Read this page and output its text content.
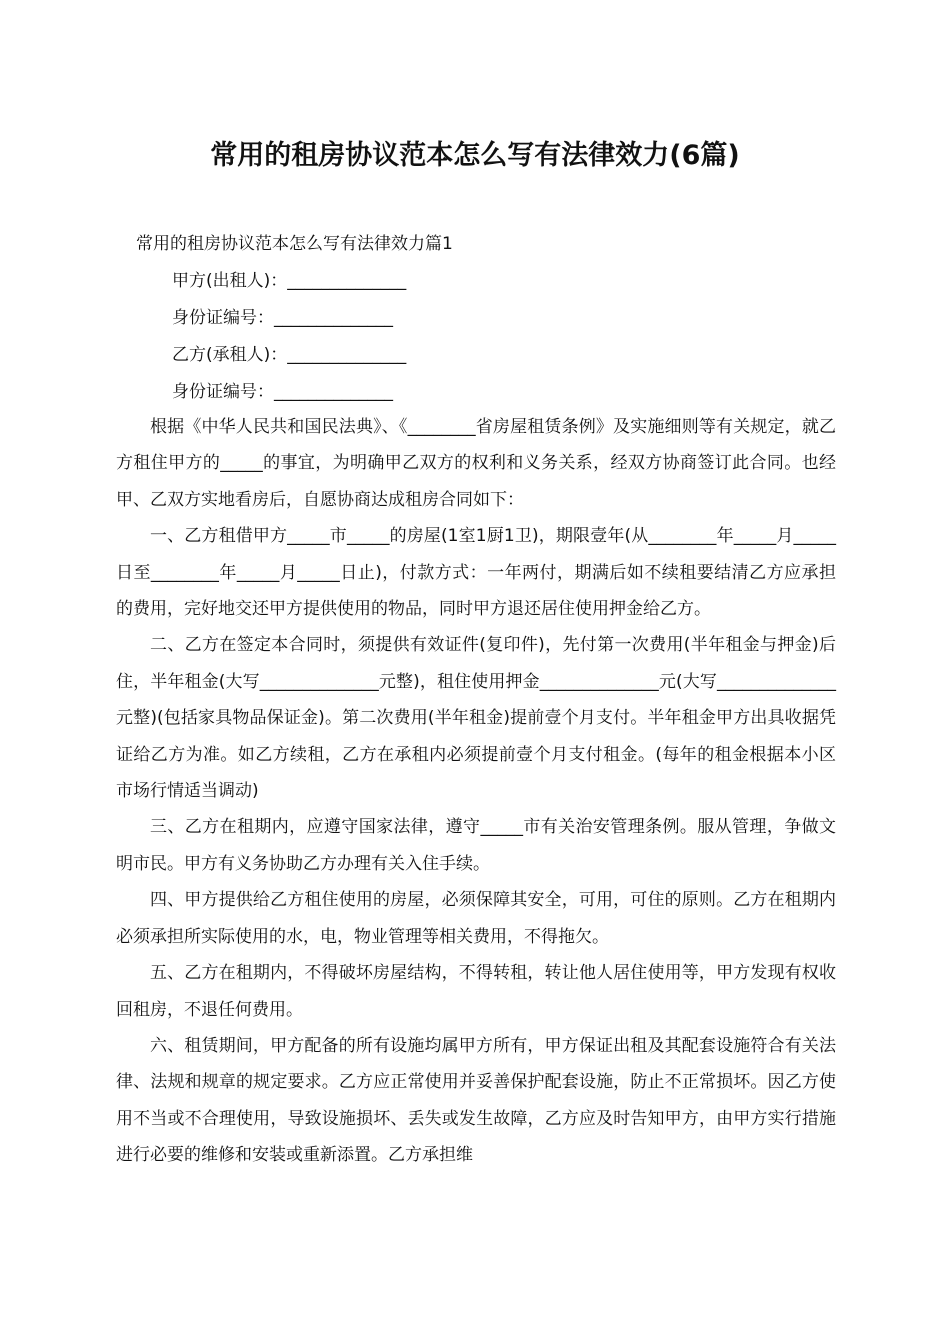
常用的租房协议范本怎么写有法律效力(6篇)
常用的租房协议范本怎么写有法律效力篇1
甲方(出租人)：______________
身份证编号：______________
乙方(承租人)：______________
身份证编号：______________

根据《中华人民共和国民法典》、《________省房屋租赁条例》及实施细则等有关规定，就乙方租住甲方的_____的事宜，为明确甲乙双方的权利和义务关系，经双方协商签订此合同。也经甲、乙双方实地看房后，自愿协商达成租房合同如下：

一、乙方租借甲方_____市_____的房屋(1室1厨1卫)，期限壹年(从________年_____月_____日至________年_____月_____日止)，付款方式：一年两付，期满后如不续租要结清乙方应承担的费用，完好地交还甲方提供使用的物品，同时甲方退还居住使用押金给乙方。

二、乙方在签定本合同时，须提供有效证件(复印件)，先付第一次费用(半年租金与押金)后住，半年租金(大写______________元整)，租住使用押金______________元(大写______________元整)(包括家具物品保证金)。第二次费用(半年租金)提前壹个月支付。半年租金甲方出具收据凭证给乙方为准。如乙方续租，乙方在承租内必须提前壹个月支付租金。(每年的租金根据本小区市场行情适当调动)

三、乙方在租期内，应遵守国家法律，遵守_____市有关治安管理条例。服从管理，争做文明市民。甲方有义务协助乙方办理有关入住手续。

四、甲方提供给乙方租住使用的房屋，必须保障其安全，可用，可住的原则。乙方在租期内必须承担所实际使用的水，电，物业管理等相关费用，不得拖欠。

五、乙方在租期内，不得破坏房屋结构，不得转租，转让他人居住使用等，甲方发现有权收回租房，不退任何费用。

六、租赁期间，甲方配备的所有设施均属甲方所有，甲方保证出租及其配套设施符合有关法律、法规和规章的规定要求。乙方应正常使用并妥善保护配套设施，防止不正常损坏。因乙方使用不当或不合理使用，导致设施损坏、丢失或发生故障，乙方应及时告知甲方，由甲方实行措施进行必要的维修和安装或重新添置。乙方承担维
